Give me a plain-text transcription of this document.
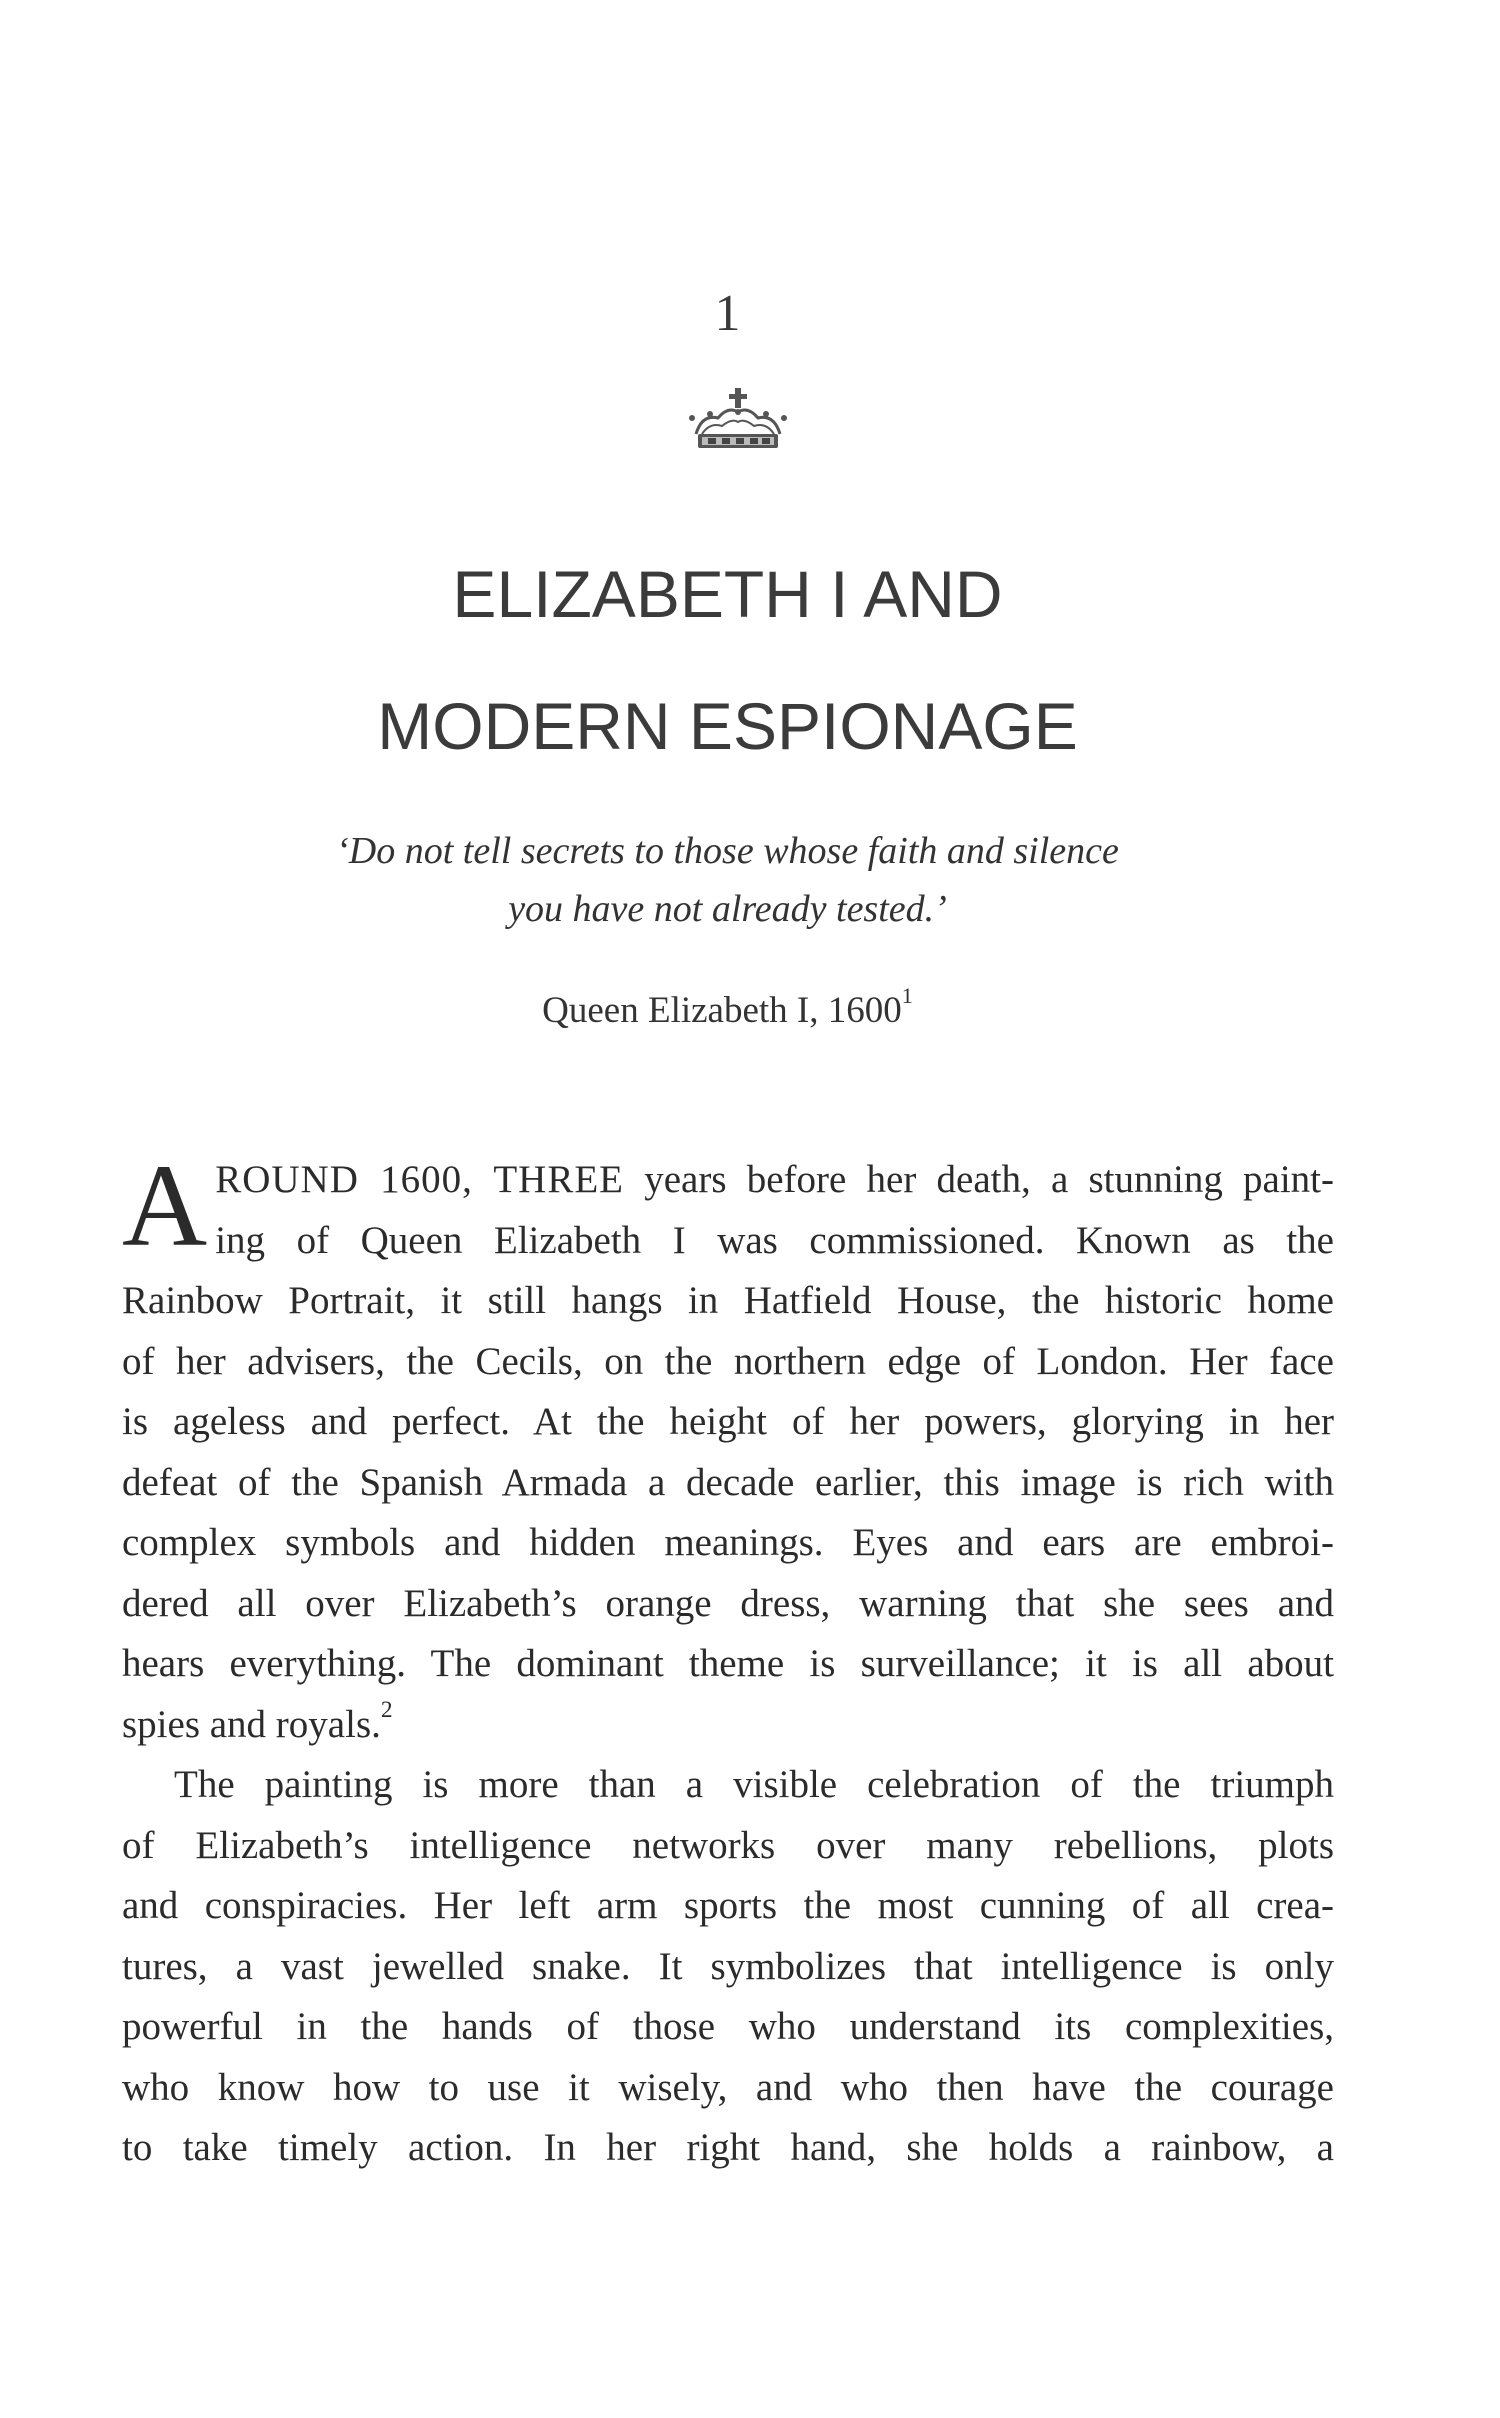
1
ELIZABETH I AND
MODERN ESPIONAGE
‘Do not tell secrets to those whose faith and silence
you have not already tested.’
Queen Elizabeth I, 1600$^1$
A ROUND 1600, THREE years before her death, a stunning paint-
ing of Queen Elizabeth I was commissioned. Known as the
Rainbow Portrait, it still hangs in Hatfield House, the historic home
of her advisers, the Cecils, on the northern edge of London. Her face
is ageless and perfect. At the height of her powers, glorying in her
defeat of the Spanish Armada a decade earlier, this image is rich with
complex symbols and hidden meanings. Eyes and ears are embroi-
dered all over Elizabeth’s orange dress, warning that she sees and
hears everything. The dominant theme is surveillance; it is all about
spies and royals.$^2$
The painting is more than a visible celebration of the triumph
of Elizabeth’s intelligence networks over many rebellions, plots
and conspiracies. Her left arm sports the most cunning of all crea-
tures, a vast jewelled snake. It symbolizes that intelligence is only
powerful in the hands of those who understand its complexities,
who know how to use it wisely, and who then have the courage
to take timely action. In her right hand, she holds a rainbow, a
